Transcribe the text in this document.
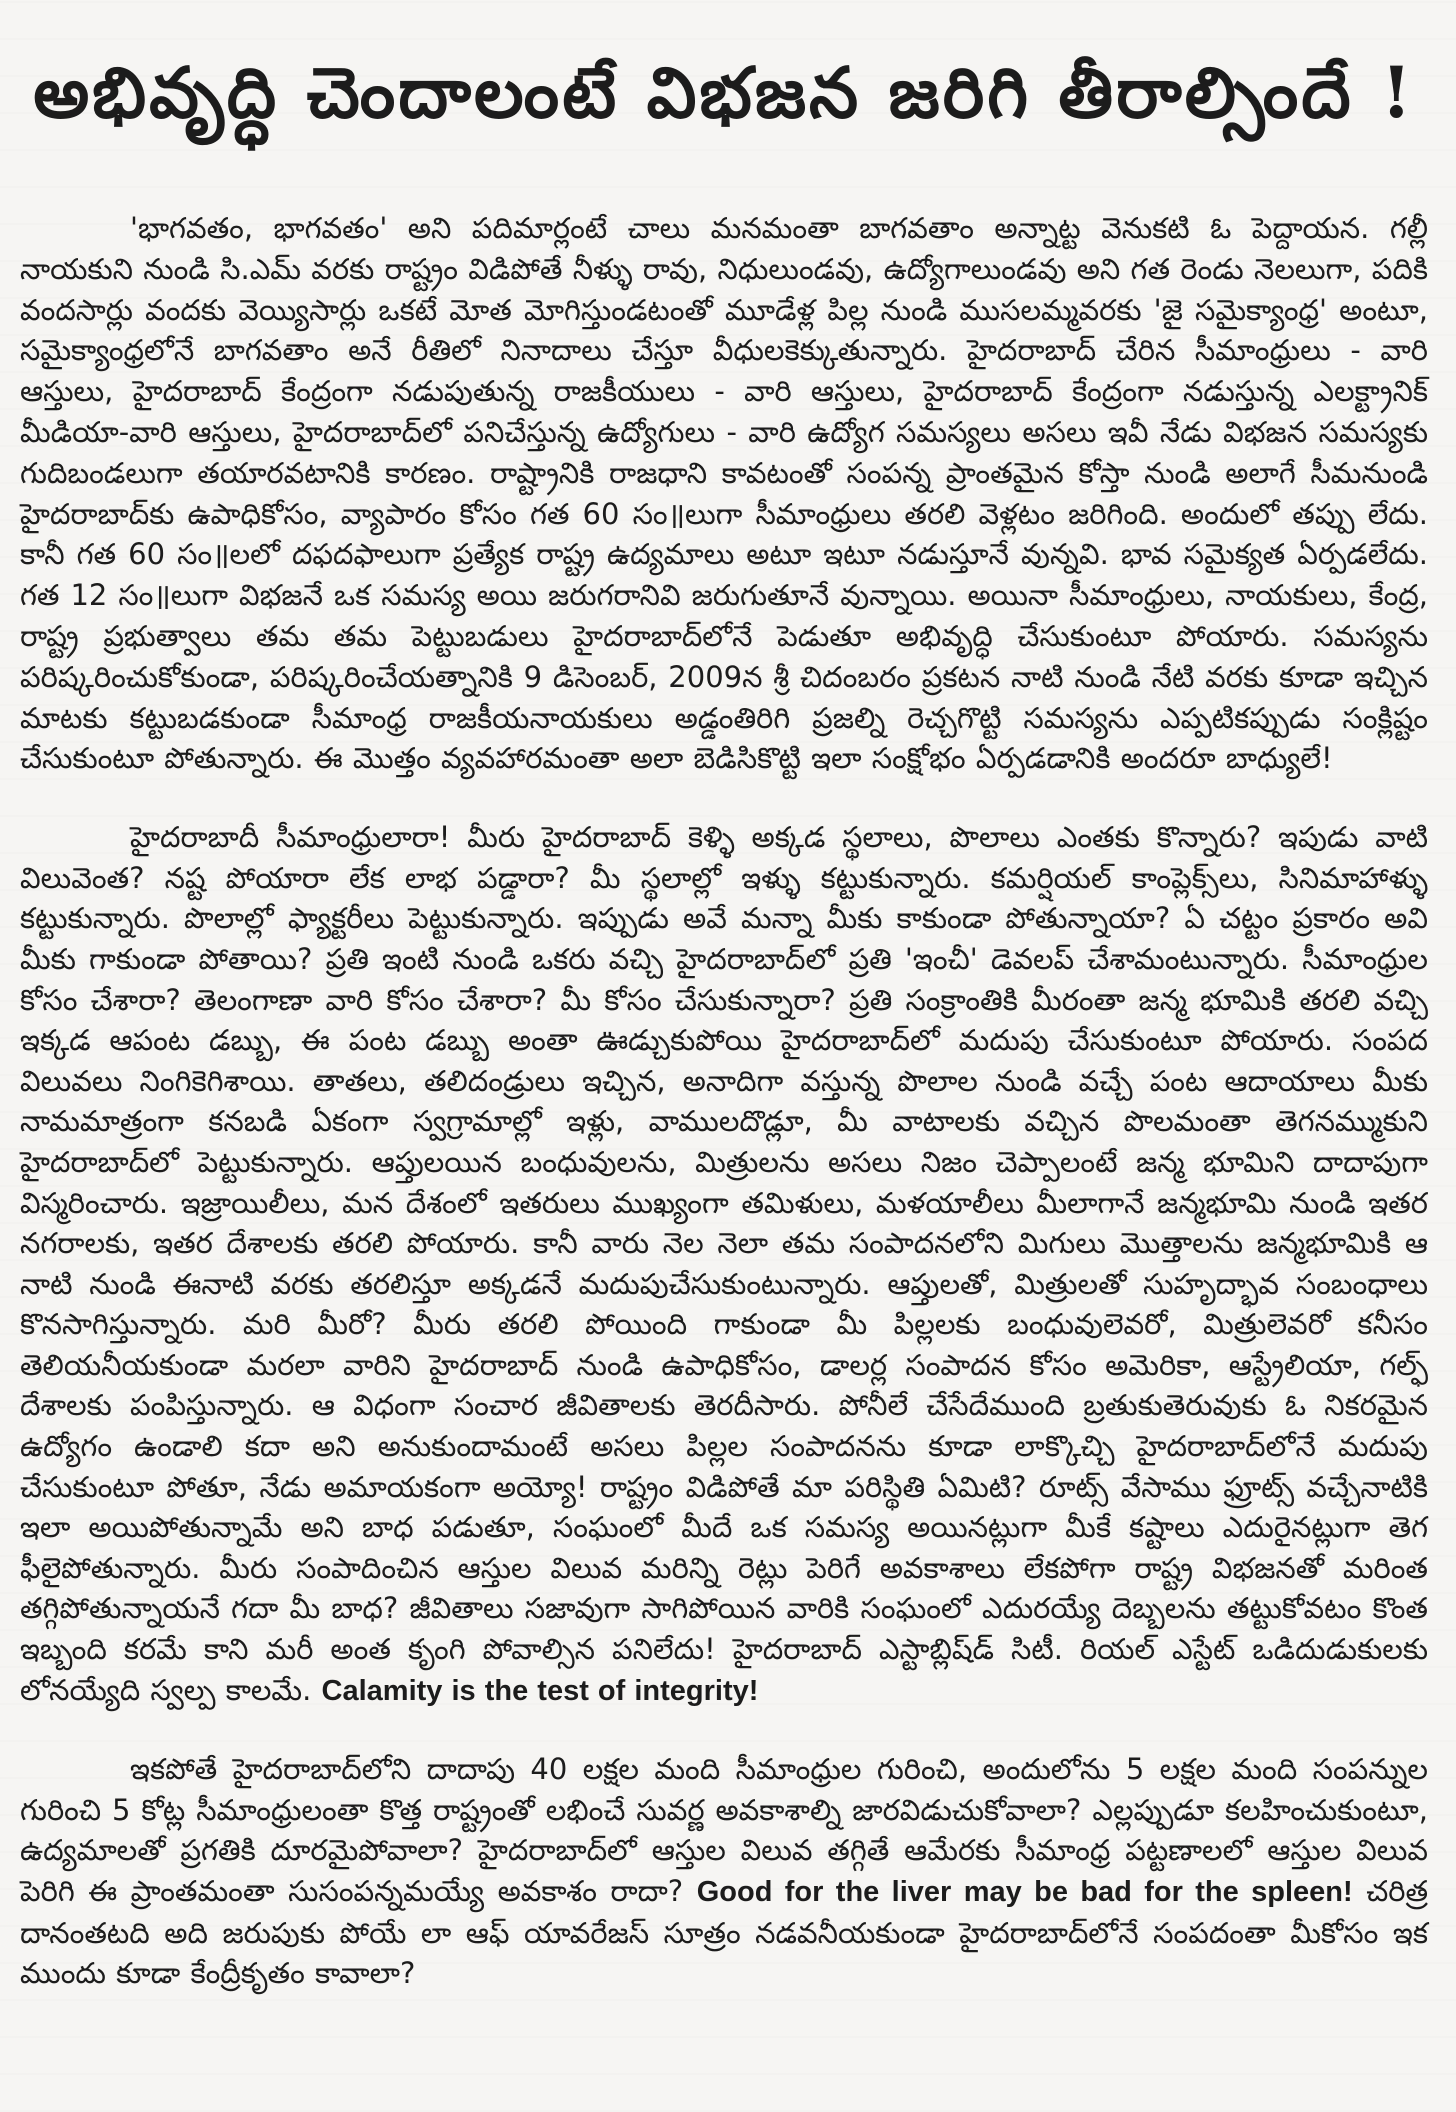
అభివృద్ధి చెందాలంటే విభజన జరిగి తీరాల్సిందే !

'భాగవతం, భాగవతం' అని పదిమార్లంటే చాలు మనమంతా బాగవతాం అన్నాట్ట వెనుకటి ఓ పెద్దాయన. గల్లీ నాయకుని నుండి సి.ఎమ్ వరకు రాష్ట్రం విడిపోతే నీళ్ళు రావు, నిధులుండవు, ఉద్యోగాలుండవు అని గత రెండు నెలలుగా, పదికి వందసార్లు వందకు వెయ్యిసార్లు ఒకటే మోత మోగిస్తుండటంతో మూడేళ్ల పిల్ల నుండి ముసలమ్మవరకు 'జై సమైక్యాంధ్ర' అంటూ, సమైక్యాంధ్రలోనే బాగవతాం అనే రీతిలో నినాదాలు చేస్తూ వీధులకెక్కుతున్నారు. హైదరాబాద్ చేరిన సీమాంధ్రులు - వారి ఆస్తులు, హైదరాబాద్ కేంద్రంగా నడుపుతున్న రాజకీయులు - వారి ఆస్తులు, హైదరాబాద్ కేంద్రంగా నడుస్తున్న ఎలక్ట్రానిక్ మీడియా-వారి ఆస్తులు, హైదరాబాద్‌లో పనిచేస్తున్న ఉద్యోగులు - వారి ఉద్యోగ సమస్యలు అసలు ఇవీ నేడు విభజన సమస్యకు గుదిబండలుగా తయారవటానికి కారణం. రాష్ట్రానికి రాజధాని కావటంతో సంపన్న ప్రాంతమైన కోస్తా నుండి అలాగే సీమనుండి హైదరాబాద్‌కు ఉపాధికోసం, వ్యాపారం కోసం గత 60 సం॥లుగా సీమాంధ్రులు తరలి వెళ్లటం జరిగింది. అందులో తప్పు లేదు. కానీ గత 60 సం॥లలో దఫదఫాలుగా ప్రత్యేక రాష్ట్ర ఉద్యమాలు అటూ ఇటూ నడుస్తూనే వున్నవి. భావ సమైక్యత ఏర్పడలేదు. గత 12 సం॥లుగా విభజనే ఒక సమస్య అయి జరుగరానివి జరుగుతూనే వున్నాయి. అయినా సీమాంధ్రులు, నాయకులు, కేంద్ర, రాష్ట్ర ప్రభుత్వాలు తమ తమ పెట్టుబడులు హైదరాబాద్‌లోనే పెడుతూ అభివృద్ధి చేసుకుంటూ పోయారు. సమస్యను పరిష్కరించుకోకుండా, పరిష్కరించేయత్నానికి 9 డిసెంబర్, 2009న శ్రీ చిదంబరం ప్రకటన నాటి నుండి నేటి వరకు కూడా ఇచ్చిన మాటకు కట్టుబడకుండా సీమాంధ్ర రాజకీయనాయకులు అడ్డంతిరిగి ప్రజల్ని రెచ్చగొట్టి సమస్యను ఎప్పటికప్పుడు సంక్లిష్టం చేసుకుంటూ పోతున్నారు. ఈ మొత్తం వ్యవహారమంతా అలా బెడిసికొట్టి ఇలా సంక్షోభం ఏర్పడడానికి అందరూ బాధ్యులే!

హైదరాబాదీ సీమాంధ్రులారా! మీరు హైదరాబాద్ కెళ్ళి అక్కడ స్థలాలు, పొలాలు ఎంతకు కొన్నారు? ఇపుడు వాటి విలువెంత? నష్ట పోయారా లేక లాభ పడ్డారా? మీ స్థలాల్లో ఇళ్ళు కట్టుకున్నారు. కమర్షియల్ కాంప్లెక్స్‌లు, సినిమాహాళ్ళు కట్టుకున్నారు. పొలాల్లో ఫ్యాక్టరీలు పెట్టుకున్నారు. ఇప్పుడు అవే మన్నా మీకు కాకుండా పోతున్నాయా? ఏ చట్టం ప్రకారం అవి మీకు గాకుండా పోతాయి? ప్రతి ఇంటి నుండి ఒకరు వచ్చి హైదరాబాద్‌లో ప్రతి 'ఇంచీ' డెవలప్ చేశామంటున్నారు. సీమాంధ్రుల కోసం చేశారా? తెలంగాణా వారి కోసం చేశారా? మీ కోసం చేసుకున్నారా? ప్రతి సంక్రాంతికి మీరంతా జన్మ భూమికి తరలి వచ్చి ఇక్కడ ఆపంట డబ్బు, ఈ పంట డబ్బు అంతా ఊడ్చుకుపోయి హైదరాబాద్‌లో మదుపు చేసుకుంటూ పోయారు. సంపద విలువలు నింగికెగిశాయి. తాతలు, తలిదండ్రులు ఇచ్చిన, అనాదిగా వస్తున్న పొలాల నుండి వచ్చే పంట ఆదాయాలు మీకు నామమాత్రంగా కనబడి ఏకంగా స్వగ్రామాల్లో ఇళ్లు, వాములదొడ్లూ, మీ వాటాలకు వచ్చిన పొలమంతా తెగనమ్ముకుని హైదరాబాద్‌లో పెట్టుకున్నారు. ఆప్తులయిన బంధువులను, మిత్రులను అసలు నిజం చెప్పాలంటే జన్మ భూమిని దాదాపుగా విస్మరించారు. ఇజ్రాయిలీలు, మన దేశంలో ఇతరులు ముఖ్యంగా తమిళులు, మళయాలీలు మీలాగానే జన్మభూమి నుండి ఇతర నగరాలకు, ఇతర దేశాలకు తరలి పోయారు. కానీ వారు నెల నెలా తమ సంపాదనలోని మిగులు మొత్తాలను జన్మభూమికి ఆ నాటి నుండి ఈనాటి వరకు తరలిస్తూ అక్కడనే మదుపుచేసుకుంటున్నారు. ఆప్తులతో, మిత్రులతో సుహృద్భావ సంబంధాలు కొనసాగిస్తున్నారు. మరి మీరో? మీరు తరలి పోయింది గాకుండా మీ పిల్లలకు బంధువులెవరో, మిత్రులెవరో కనీసం తెలియనీయకుండా మరలా వారిని హైదరాబాద్ నుండి ఉపాధికోసం, డాలర్ల సంపాదన కోసం అమెరికా, ఆస్ట్రేలియా, గల్ఫ్ దేశాలకు పంపిస్తున్నారు. ఆ విధంగా సంచార జీవితాలకు తెరదీసారు. పోనీలే చేసేదేముంది బ్రతుకుతెరువుకు ఓ నికరమైన ఉద్యోగం ఉండాలి కదా అని అనుకుందామంటే అసలు పిల్లల సంపాదనను కూడా లాక్కొచ్చి హైదరాబాద్‌లోనే మదుపు చేసుకుంటూ పోతూ, నేడు అమాయకంగా అయ్యో! రాష్ట్రం విడిపోతే మా పరిస్థితి ఏమిటి? రూట్స్ వేసాము ఫ్రూట్స్ వచ్చేనాటికి ఇలా అయిపోతున్నామే అని బాధ పడుతూ, సంఘంలో మీదే ఒక సమస్య అయినట్లుగా మీకే కష్టాలు ఎదురైనట్లుగా తెగ ఫీలైపోతున్నారు. మీరు సంపాదించిన ఆస్తుల విలువ మరిన్ని రెట్లు పెరిగే అవకాశాలు లేకపోగా రాష్ట్ర విభజనతో మరింత తగ్గిపోతున్నాయనే గదా మీ బాధ? జీవితాలు సజావుగా సాగిపోయిన వారికి సంఘంలో ఎదురయ్యే దెబ్బలను తట్టుకోవటం కొంత ఇబ్బంది కరమే కాని మరీ అంత కృంగి పోవాల్సిన పనిలేదు! హైదరాబాద్ ఎస్టాబ్లిష్‌డ్ సిటీ. రియల్ ఎస్టేట్ ఒడిదుడుకులకు లోనయ్యేది స్వల్ప కాలమే. Calamity is the test of integrity!

ఇకపోతే హైదరాబాద్‌లోని దాదాపు 40 లక్షల మంది సీమాంధ్రుల గురించి, అందులోను 5 లక్షల మంది సంపన్నుల గురించి 5 కోట్ల సీమాంధ్రులంతా కొత్త రాష్ట్రంతో లభించే సువర్ణ అవకాశాల్ని జారవిడుచుకోవాలా? ఎల్లప్పుడూ కలహించుకుంటూ, ఉద్యమాలతో ప్రగతికి దూరమైపోవాలా? హైదరాబాద్‌లో ఆస్తుల విలువ తగ్గితే ఆమేరకు సీమాంధ్ర పట్టణాలలో ఆస్తుల విలువ పెరిగి ఈ ప్రాంతమంతా సుసంపన్నమయ్యే అవకాశం రాదా? Good for the liver may be bad for the spleen! చరిత్ర దానంతటది అది జరుపుకు పోయే లా ఆఫ్ యావరేజస్ సూత్రం నడవనీయకుండా హైదరాబాద్‌లోనే సంపదంతా మీకోసం ఇక ముందు కూడా కేంద్రీకృతం కావాలా?
